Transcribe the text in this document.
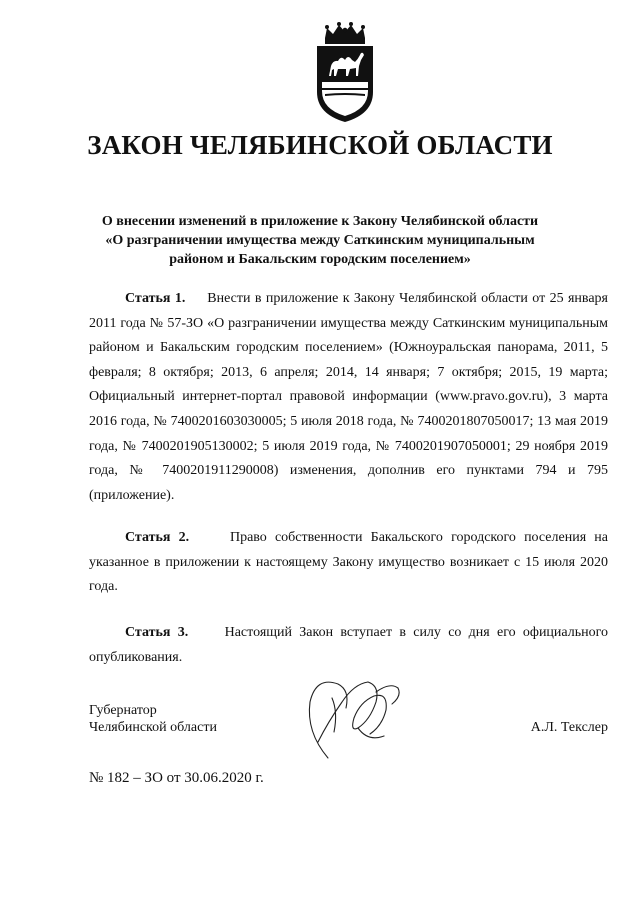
ЗАКОН ЧЕЛЯБИНСКОЙ ОБЛАСТИ
О внесении изменений в приложение к Закону Челябинской области
«О разграничении имущества между Саткинским муниципальным
районом и Бакальским городским поселением»
Статья 1. Внести в приложение к Закону Челябинской области от 25 января 2011 года № 57-ЗО «О разграничении имущества между Саткинским муниципальным районом и Бакальским городским поселением» (Южноуральская панорама, 2011, 5 февраля; 8 октября; 2013, 6 апреля; 2014, 14 января; 7 октября; 2015, 19 марта; Официальный интернет-портал правовой информации (www.pravo.gov.ru), 3 марта 2016 года, № 7400201603030005; 5 июля 2018 года, № 7400201807050017; 13 мая 2019 года, № 7400201905130002; 5 июля 2019 года, № 7400201907050001; 29 ноября 2019 года, № 7400201911290008) изменения, дополнив его пунктами 794 и 795 (приложение).
Статья 2.	Право собственности Бакальского городского поселения на указанное в приложении к настоящему Закону имущество возникает с 15 июля 2020 года.
Статья 3.	Настоящий Закон вступает в силу со дня его официального опубликования.
Губернатор
Челябинской области	А.Л. Текслер
№ 182 – ЗО от 30.06.2020 г.
